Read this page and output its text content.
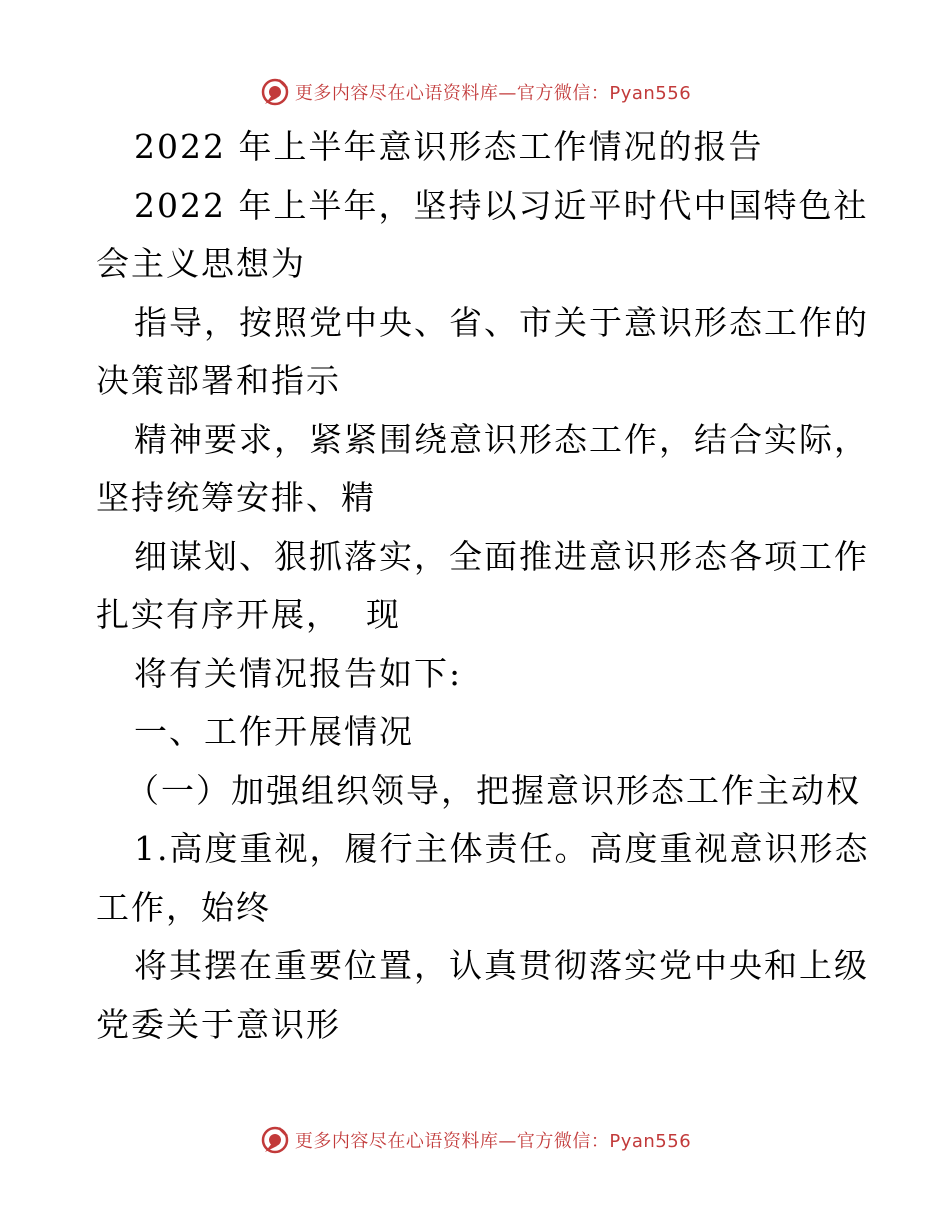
更多内容尽在心语资料库—官方微信：Pyan556
2022 年上半年意识形态工作情况的报告
2022 年上半年，坚持以习近平时代中国特色社
会主义思想为
指导，按照党中央、省、市关于意识形态工作的
决策部署和指示
精神要求，紧紧围绕意识形态工作，结合实际，
坚持统筹安排、精
细谋划、狠抓落实，全面推进意识形态各项工作
扎实有序开展，  现
将有关情况报告如下:
一、工作开展情况
（一）加强组织领导，把握意识形态工作主动权
1.高度重视，履行主体责任。高度重视意识形态
工作，始终
将其摆在重要位置，认真贯彻落实党中央和上级
党委关于意识形
更多内容尽在心语资料库—官方微信：Pyan556
